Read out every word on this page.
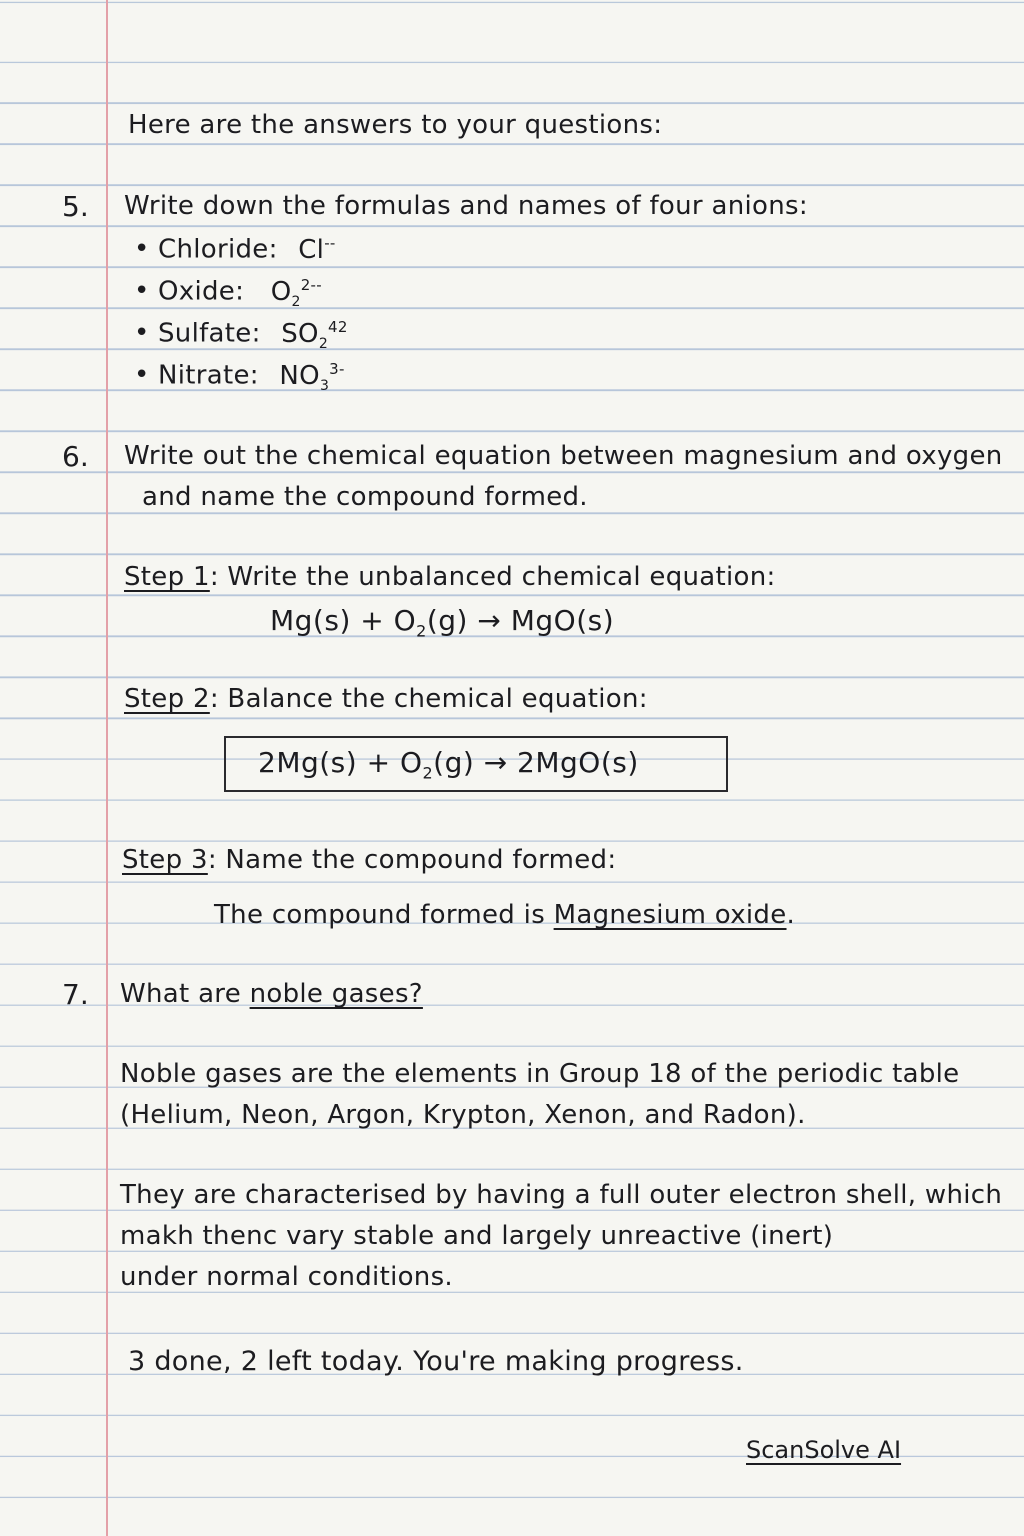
Here are the answers to your questions:
5. Write down the formulas and names of four anions:
• Chloride: Cl--
• Oxide: $O_2^{2--}$
• Sulfate: $SO_2^{42}$
• Nitrate: $NO_3^{3-}$
6. Write out the chemical equation between magnesium and oxygen
and name the compound formed.
Step 1: Write the unbalanced chemical equation:
$Mg(s) + O_2(g) \to MgO(s)$
Step 2: Balance the chemical equation:
$2Mg(s) + O_2(g) \to 2MgO(s)$
Step 3: Name the compound formed:
The compound formed is Magnesium oxide.
7. What are noble gases?
Noble gases are the elements in Group 18 of the periodic table
(Helium, Neon, Argon, Krypton, Xenon, and Radon).
They are characterised by having a full outer electron shell, which
makh thenc vary stable and largely unreactive (inert)
under normal conditions.
3 done, 2 left today. You're making progress.
ScanSolve AI
